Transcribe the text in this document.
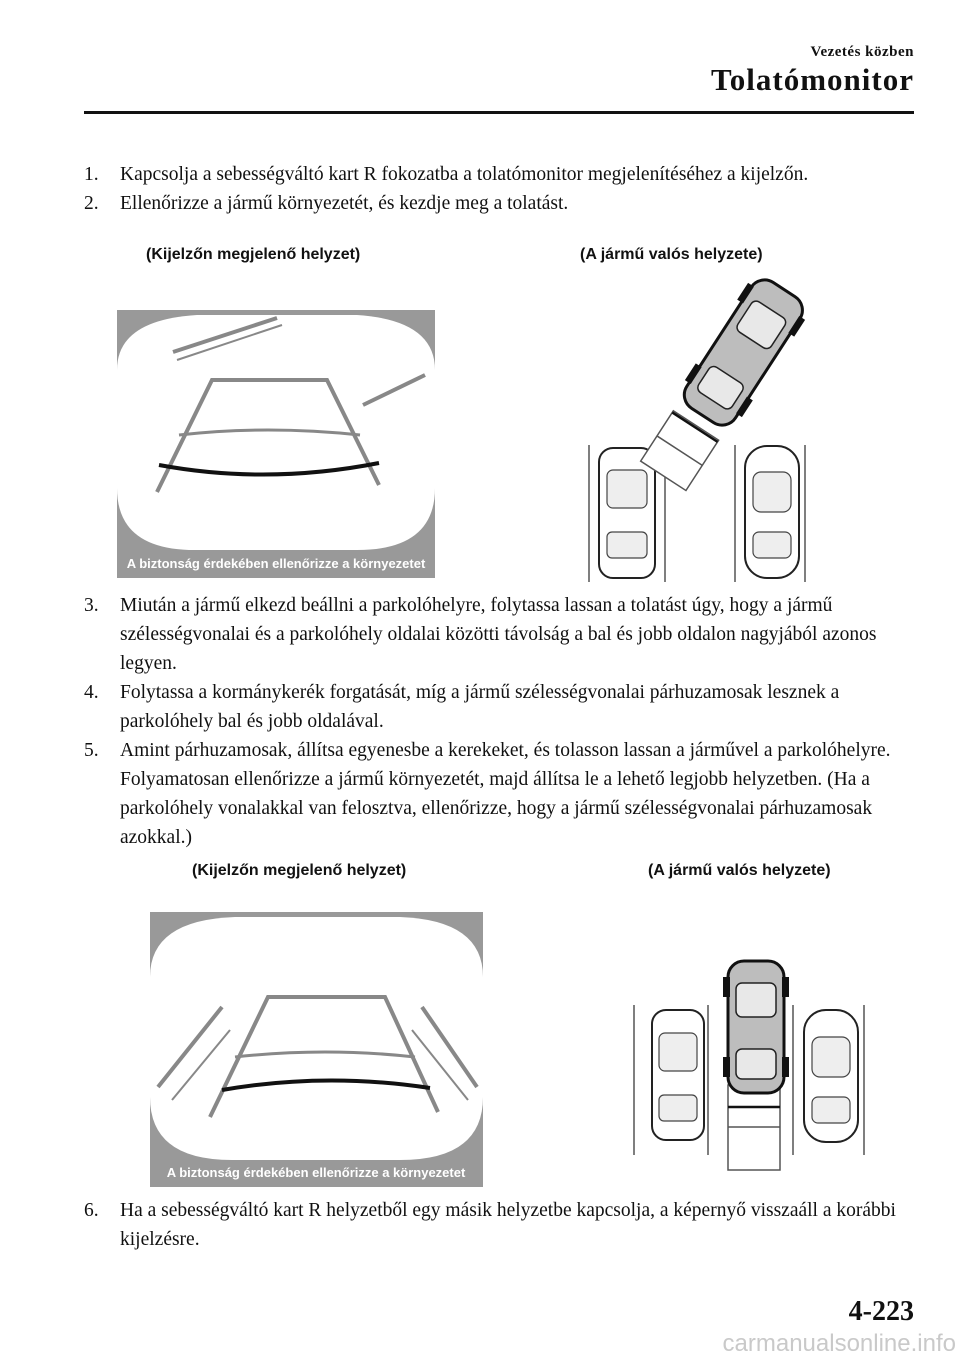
Vezetés közben
Tolatómonitor
1. Kapcsolja a sebességváltó kart R fokozatba a tolatómonitor megjelenítéséhez a kijelzőn.
2. Ellenőrizze a jármű környezetét, és kezdje meg a tolatást.
(Kijelzőn megjelenő helyzet)	(A jármű valós helyzete)
A biztonság érdekében ellenőrizze a környezetet
3. Miután a jármű elkezd beállni a parkolóhelyre, folytassa lassan a tolatást úgy, hogy a jármű szélességvonalai és a parkolóhely oldalai közötti távolság a bal és jobb oldalon nagyjából azonos legyen.
4. Folytassa a kormánykerék forgatását, míg a jármű szélességvonalai párhuzamosak lesznek a parkolóhely bal és jobb oldalával.
5. Amint párhuzamosak, állítsa egyenesbe a kerekeket, és tolasson lassan a járművel a parkolóhelyre. Folyamatosan ellenőrizze a jármű környezetét, majd állítsa le a lehető legjobb helyzetben. (Ha a parkolóhely vonalakkal van felosztva, ellenőrizze, hogy a jármű szélességvonalai párhuzamosak azokkal.)
(Kijelzőn megjelenő helyzet)	(A jármű valós helyzete)
A biztonság érdekében ellenőrizze a környezetet
6. Ha a sebességváltó kart R helyzetből egy másik helyzetbe kapcsolja, a képernyő visszaáll a korábbi kijelzésre.
4-223
carmanualsonline.info
